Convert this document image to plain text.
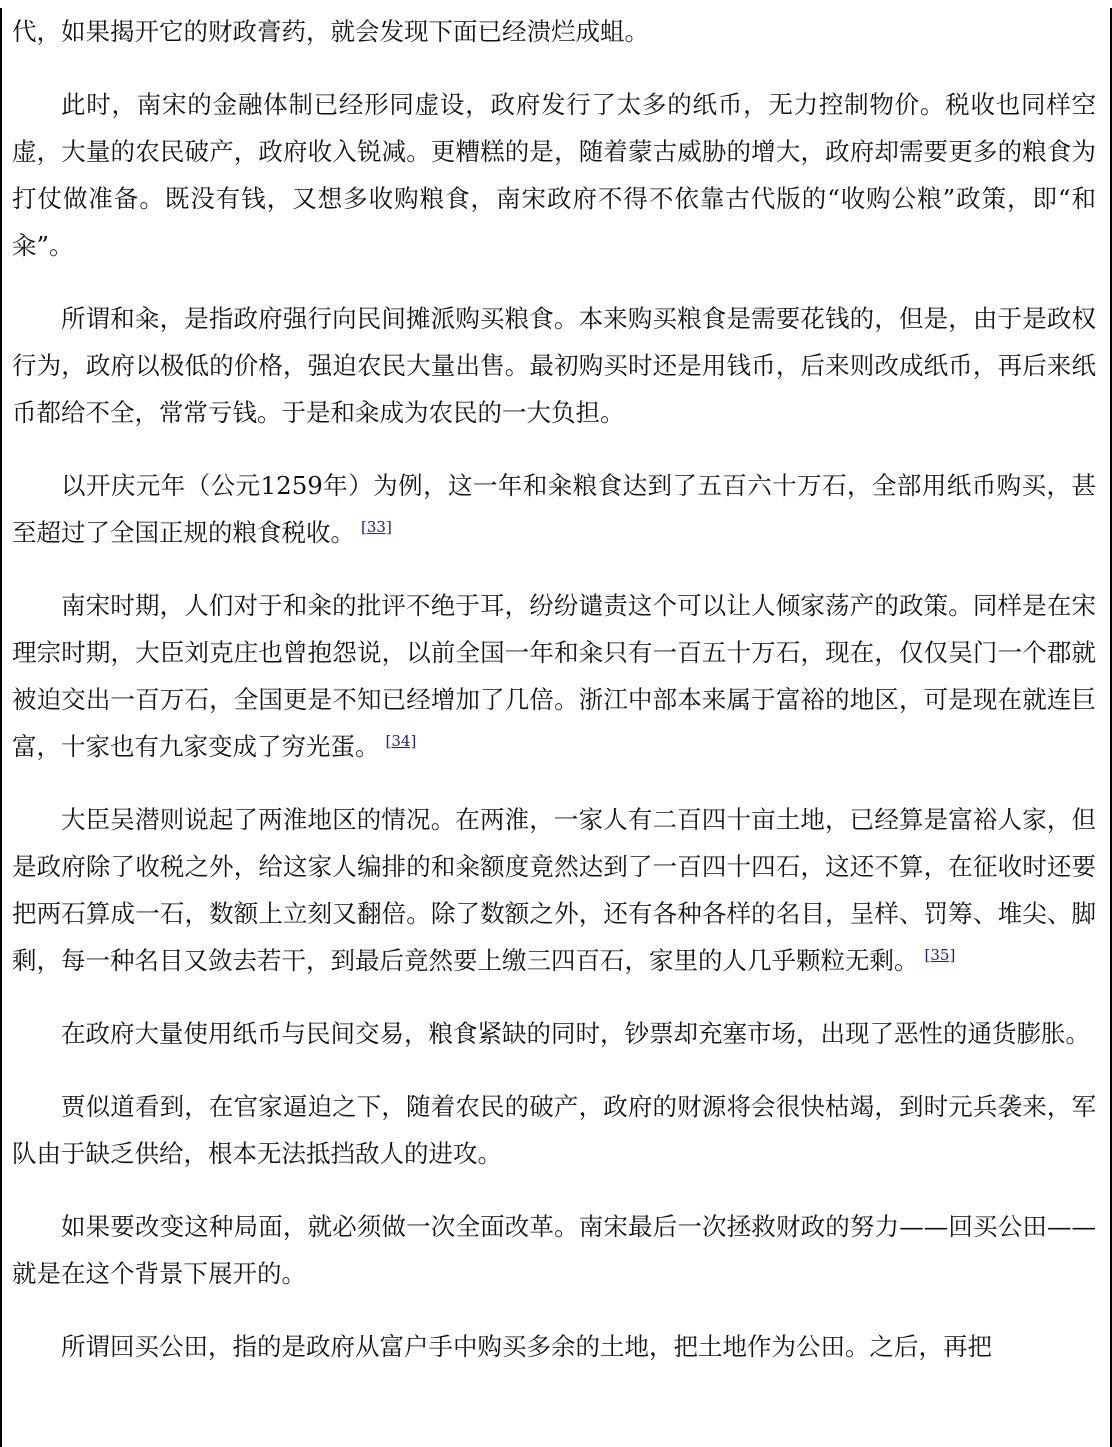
代，如果揭开它的财政膏药，就会发现下面已经溃烂成蛆。

此时，南宋的金融体制已经形同虚设，政府发行了太多的纸币，无力控制物价。税收也同样空虚，大量的农民破产，政府收入锐减。更糟糕的是，随着蒙古威胁的增大，政府却需要更多的粮食为打仗做准备。既没有钱，又想多收购粮食，南宋政府不得不依靠古代版的“收购公粮”政策，即“和籴”。

所谓和籴，是指政府强行向民间摊派购买粮食。本来购买粮食是需要花钱的，但是，由于是政权行为，政府以极低的价格，强迫农民大量出售。最初购买时还是用钱币，后来则改成纸币，再后来纸币都给不全，常常亏钱。于是和籴成为农民的一大负担。

以开庆元年（公元1259年）为例，这一年和籴粮食达到了五百六十万石，全部用纸币购买，甚至超过了全国正规的粮食税收。 [33]

南宋时期，人们对于和籴的批评不绝于耳，纷纷谴责这个可以让人倾家荡产的政策。同样是在宋理宗时期，大臣刘克庄也曾抱怨说，以前全国一年和籴只有一百五十万石，现在，仅仅吴门一个郡就被迫交出一百万石，全国更是不知已经增加了几倍。浙江中部本来属于富裕的地区，可是现在就连巨富，十家也有九家变成了穷光蛋。 [34]

大臣吴潜则说起了两淮地区的情况。在两淮，一家人有二百四十亩土地，已经算是富裕人家，但是政府除了收税之外，给这家人编排的和籴额度竟然达到了一百四十四石，这还不算，在征收时还要把两石算成一石，数额上立刻又翻倍。除了数额之外，还有各种各样的名目，呈样、罚筹、堆尖、脚剩，每一种名目又敛去若干，到最后竟然要上缴三四百石，家里的人几乎颗粒无剩。 [35]

在政府大量使用纸币与民间交易，粮食紧缺的同时，钞票却充塞市场，出现了恶性的通货膨胀。

贾似道看到，在官家逼迫之下，随着农民的破产，政府的财源将会很快枯竭，到时元兵袭来，军队由于缺乏供给，根本无法抵挡敌人的进攻。

如果要改变这种局面，就必须做一次全面改革。南宋最后一次拯救财政的努力——回买公田——就是在这个背景下展开的。

所谓回买公田，指的是政府从富户手中购买多余的土地，把土地作为公田。之后，再把
